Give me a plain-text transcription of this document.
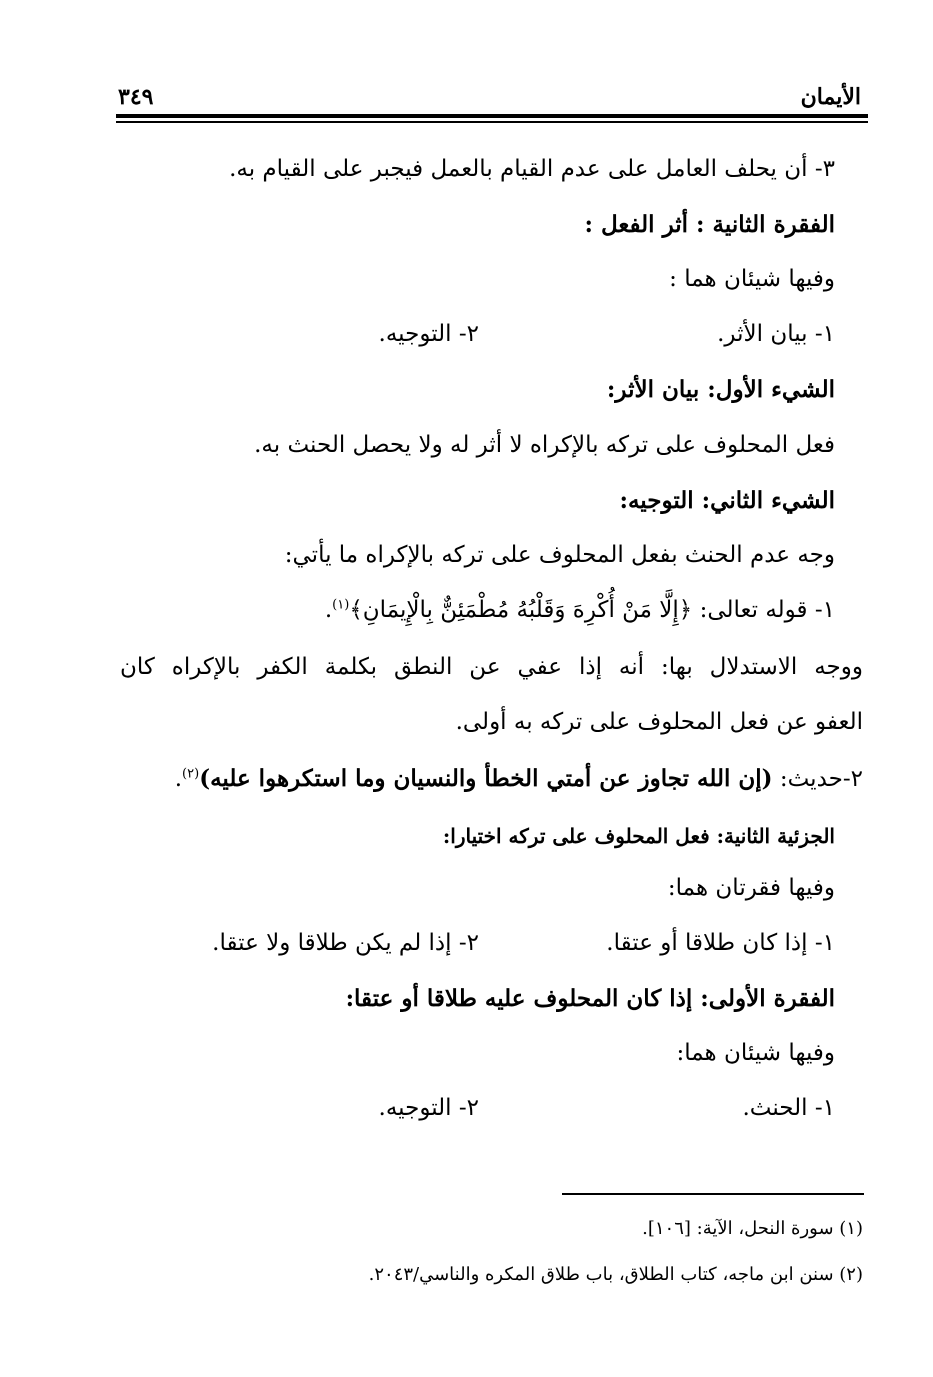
الأيمان
٣٤٩
٣- أن يحلف العامل على عدم القيام بالعمل فيجبر على القيام به.
الفقرة الثانية : أثر الفعل :
وفيها شيئان هما :
١- بيان الأثر.
٢- التوجيه.
الشيء الأول: بيان الأثر:
فعل المحلوف على تركه بالإكراه لا أثر له ولا يحصل الحنث به.
الشيء الثاني: التوجيه:
وجه عدم الحنث بفعل المحلوف على تركه بالإكراه ما يأتي:
١- قوله تعالى: ﴿إِلَّا مَنْ أُكْرِهَ وَقَلْبُهُ مُطْمَئِنٌّ بِالْإِيمَانِ﴾$^{(١)}$.
ووجه الاستدلال بها: أنه إذا عفي عن النطق بكلمة الكفر بالإكراه كان
العفو عن فعل المحلوف على تركه به أولى.
٢-حديث: (إن الله تجاوز عن أمتي الخطأ والنسيان وما استكرهوا عليه)$^{(٢)}$.
الجزئية الثانية: فعل المحلوف على تركه اختيارا:
وفيها فقرتان هما:
١- إذا كان طلاقا أو عتقا.
٢- إذا لم يكن طلاقا ولا عتقا.
الفقرة الأولى: إذا كان المحلوف عليه طلاقا أو عتقا:
وفيها شيئان هما:
١- الحنث.
٢- التوجيه.
(١) سورة النحل، الآية: [١٠٦].
(٢) سنن ابن ماجه، كتاب الطلاق، باب طلاق المكره والناسي/٢٠٤٣.
